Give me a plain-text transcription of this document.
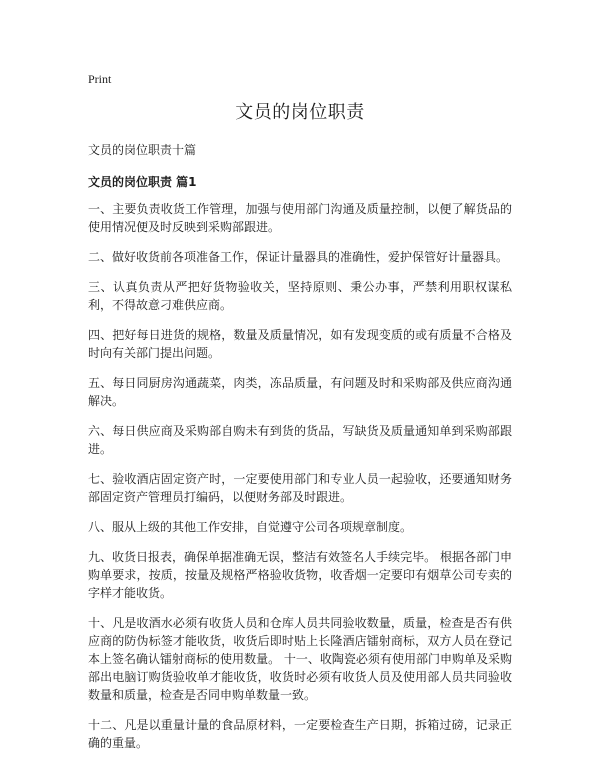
Print
文员的岗位职责
文员的岗位职责十篇
文员的岗位职责 篇1

一、主要负责收货工作管理，加强与使用部门沟通及质量控制，以便了解货品的使用情况便及时反映到采购部跟进。

二、做好收货前各项准备工作，保证计量器具的准确性，爱护保管好计量器具。

三、认真负责从严把好货物验收关，坚持原则、秉公办事，严禁利用职权谋私利，不得故意刁难供应商。

四、把好每日进货的规格，数量及质量情况，如有发现变质的或有质量不合格及时向有关部门提出问题。

五、每日同厨房沟通蔬菜，肉类，冻品质量，有问题及时和采购部及供应商沟通解决。

六、每日供应商及采购部自购未有到货的货品，写缺货及质量通知单到采购部跟进。

七、验收酒店固定资产时，一定要使用部门和专业人员一起验收，还要通知财务部固定资产管理员打编码，以便财务部及时跟进。

八、服从上级的其他工作安排，自觉遵守公司各项规章制度。

九、收货日报表，确保单据准确无误，整洁有效签名人手续完毕。 根据各部门申购单要求，按质，按量及规格严格验收货物，收香烟一定要印有烟草公司专卖的字样才能收货。

十、凡是收酒水必须有收货人员和仓库人员共同验收数量，质量，检查是否有供应商的防伪标签才能收货，收货后即时贴上长隆酒店镭射商标，双方人员在登记本上签名确认镭射商标的使用数量。 十一、收陶瓷必须有使用部门申购单及采购部出电脑订购货验收单才能收货，收货时必须有收货人员及使用部人员共同验收数量和质量，检查是否同申购单数量一致。

十二、凡是以重量计量的食品原材料，一定要检查生产日期，拆箱过磅，记录正确的重量。
